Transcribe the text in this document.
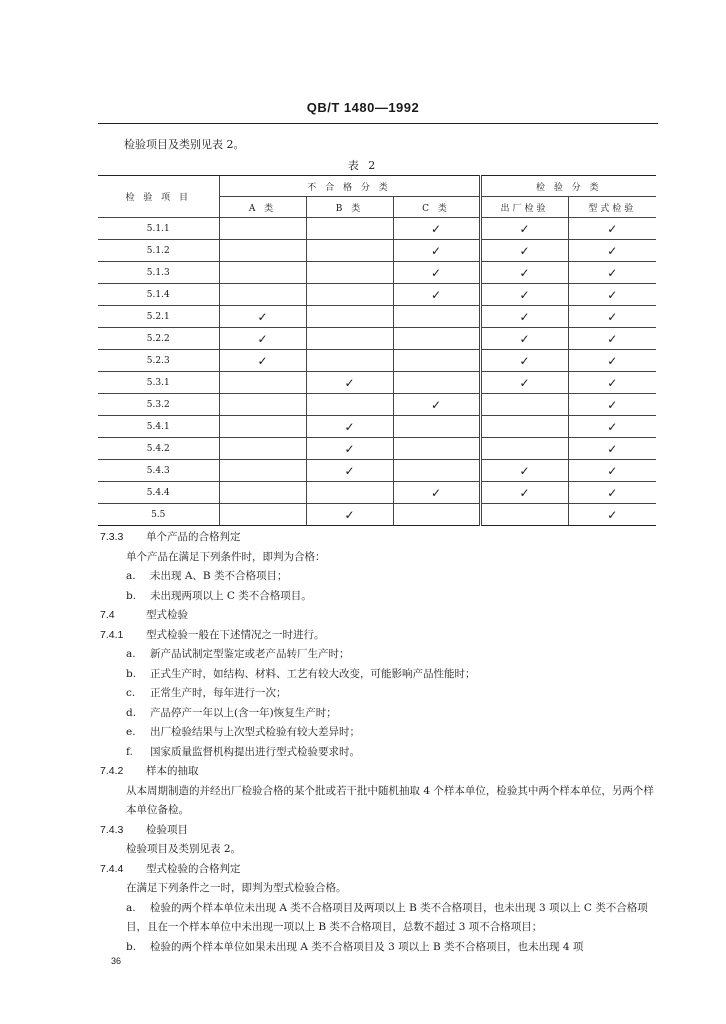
QB/T 1480—1992
检验项目及类别见表 2。
表 2
检 验 项 目	不 合 格 分 类			检 验 分 类	
	A 类	B 类	C 类	出厂检验	型式检验
5.1.1			✓	✓	✓
5.1.2			✓	✓	✓
5.1.3			✓	✓	✓
5.1.4			✓	✓	✓
5.2.1	✓			✓	✓
5.2.2	✓			✓	✓
5.2.3	✓			✓	✓
5.3.1		✓		✓	✓
5.3.2			✓		✓
5.4.1		✓			✓
5.4.2		✓			✓
5.4.3		✓		✓	✓
5.4.4			✓	✓	✓
5.5		✓			✓

7.3.3 单个产品的合格判定

单个产品在满足下列条件时，即判为合格：

a. 未出现 A、B 类不合格项目；

b. 未出现两项以上 C 类不合格项目。

7.4	型式检验

7.4.1 型式检验一般在下述情况之一时进行。

a. 新产品试制定型鉴定或老产品转厂生产时；

b. 正式生产时，如结构、材料、工艺有较大改变，可能影响产品性能时；

c. 正常生产时，每年进行一次；

d. 产品停产一年以上(含一年)恢复生产时；

e. 出厂检验结果与上次型式检验有较大差异时；

f. 国家质量监督机构提出进行型式检验要求时。

7.4.2 样本的抽取

从本周期制造的并经出厂检验合格的某个批或若干批中随机抽取 4 个样本单位，检验其中两个样本单位，另两个样本单位备检。

7.4.3 检验项目

检验项目及类别见表 2。

7.4.4 型式检验的合格判定

在满足下列条件之一时，即判为型式检验合格。

a. 检验的两个样本单位未出现 A 类不合格项目及两项以上 B 类不合格项目，也未出现 3 项以上 C 类不合格项目，且在一个样本单位中未出现一项以上 B 类不合格项目，总数不超过 3 项不合格项目；

b. 检验的两个样本单位如果未出现 A 类不合格项目及 3 项以上 B 类不合格项目，也未出现 4 项

36
